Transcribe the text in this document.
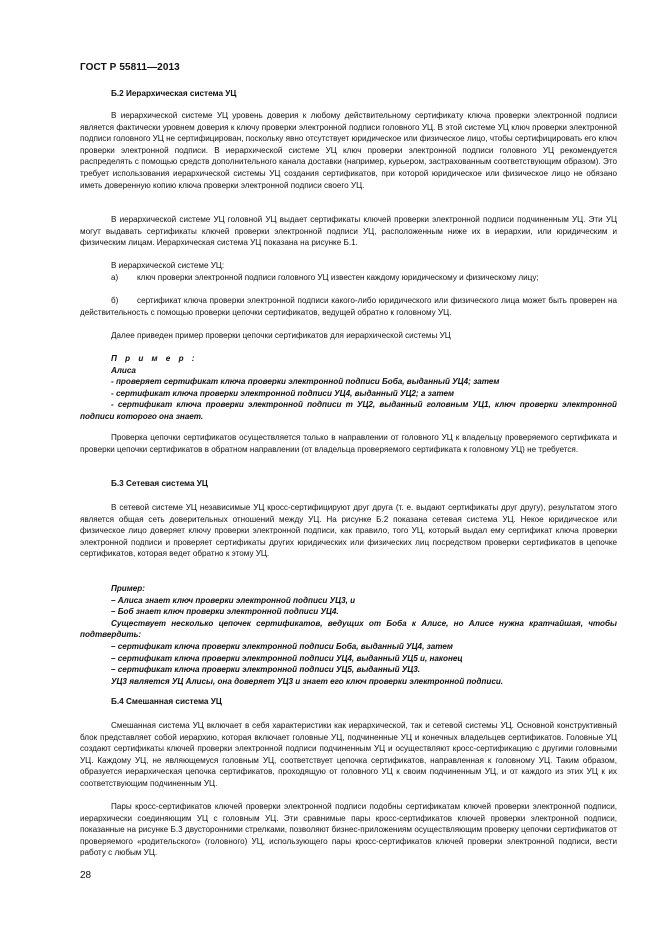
ГОСТ Р 55811—2013
Б.2 Иерархическая система УЦ

В иерархической системе УЦ уровень доверия к любому действительному сертификату ключа проверки электронной подписи является фактически уровнем доверия к ключу проверки электронной подписи головного УЦ. В этой системе УЦ ключ проверки электронной подписи головного УЦ не сертифицирован, поскольку явно отсутствует юридическое или физическое лицо, чтобы сертифицировать его ключ проверки электронной подписи. В иерархической системе УЦ ключ проверки электронной подписи головного УЦ рекомендуется распределять с помощью средств дополнительного канала доставки (например, курьером, застрахованным соответствующим образом). Это требует использования иерархической системы УЦ создания сертификатов, при которой юридическое или физическое лицо не обязано иметь доверенную копию ключа проверки электронной подписи своего УЦ.

В иерархической системе УЦ головной УЦ выдает сертификаты ключей проверки электронной подписи подчиненным УЦ. Эти УЦ могут выдавать сертификаты ключей проверки электронной подписи УЦ, расположенным ниже их в иерархии, или юридическим и физическим лицам. Иерархическая система УЦ показана на рисунке Б.1.

В иерархической системе УЦ:

а) ключ проверки электронной подписи головного УЦ известен каждому юридическому и физическому лицу;

б) сертификат ключа проверки электронной подписи какого-либо юридического или физического лица может быть проверен на действительность с помощью проверки цепочки сертификатов, ведущей обратно к головному УЦ.

Далее приведен пример проверки цепочки сертификатов для иерархической системы УЦ

П р и м е р :
Алиса
- проверяет сертификат ключа проверки электронной подписи Боба, выданный УЦ4; затем
- сертификат ключа проверки электронной подписи УЦ4, выданный УЦ2; а затем
- сертификат ключа проверки электронной подписи т УЦ2, выданный головным УЦ1, ключ проверки электронной подписи которого она знает.

Проверка цепочки сертификатов осуществляется только в направлении от головного УЦ к владельцу проверяемого сертификата и проверки цепочки сертификатов в обратном направлении (от владельца проверяемого сертификата к головному УЦ) не требуется.

Б.3 Сетевая система УЦ

В сетевой системе УЦ независимые УЦ кросс-сертифицируют друг друга (т. е. выдают сертификаты друг другу), результатом этого является общая сеть доверительных отношений между УЦ. На рисунке Б.2 показана сетевая система УЦ. Некое юридическое или физическое лицо доверяет ключу проверки электронной подписи, как правило, того УЦ, который выдал ему сертификат ключа проверки электронной подписи и проверяет сертификаты других юридических или физических лиц посредством проверки сертификатов в цепочке сертификатов, которая ведет обратно к этому УЦ.

Пример:
– Алиса знает ключ проверки электронной подписи УЦ3, и
– Боб знает ключ проверки электронной подписи УЦ4.
Существует несколько цепочек сертификатов, ведущих от Боба к Алисе, но Алисе нужна кратчайшая, чтобы подтвердить:
– сертификат ключа проверки электронной подписи Боба, выданный УЦ4, затем
– сертификат ключа проверки электронной подписи УЦ4, выданный УЦ5 и, наконец
– сертификат ключа проверки электронной подписи УЦ5, выданный УЦ3.
УЦ3 является УЦ Алисы, она доверяет УЦ3 и знает его ключ проверки электронной подписи.
Б.4 Смешанная система УЦ

Смешанная система УЦ включает в себя характеристики как иерархической, так и сетевой системы УЦ. Основной конструктивный блок представляет собой иерархию, которая включает головные УЦ, подчиненные УЦ и конечных владельцев сертификатов. Головные УЦ создают сертификаты ключей проверки электронной подписи подчиненным УЦ и осуществляют кросс-сертификацию с другими головными УЦ. Каждому УЦ, не являющемуся головным УЦ, соответствует цепочка сертификатов, направленная к головному УЦ. Таким образом, образуется иерархическая цепочка сертификатов, проходящую от головного УЦ к своим подчиненным УЦ, и от каждого из этих УЦ к их соответствующим подчиненным УЦ.

Пары кросс-сертификатов ключей проверки электронной подписи подобны сертификатам ключей проверки электронной подписи, иерархически соединяющим УЦ с головным УЦ. Эти сравнимые пары кросс-сертификатов ключей проверки электронной подписи, показанные на рисунке Б.3 двусторонними стрелками, позволяют бизнес-приложениям осуществляющим проверку цепочки сертификатов от проверяемого «родительского» (головного) УЦ, использующего пары кросс-сертификатов ключей проверки электронной подписи, вести работу с любым УЦ.

28
